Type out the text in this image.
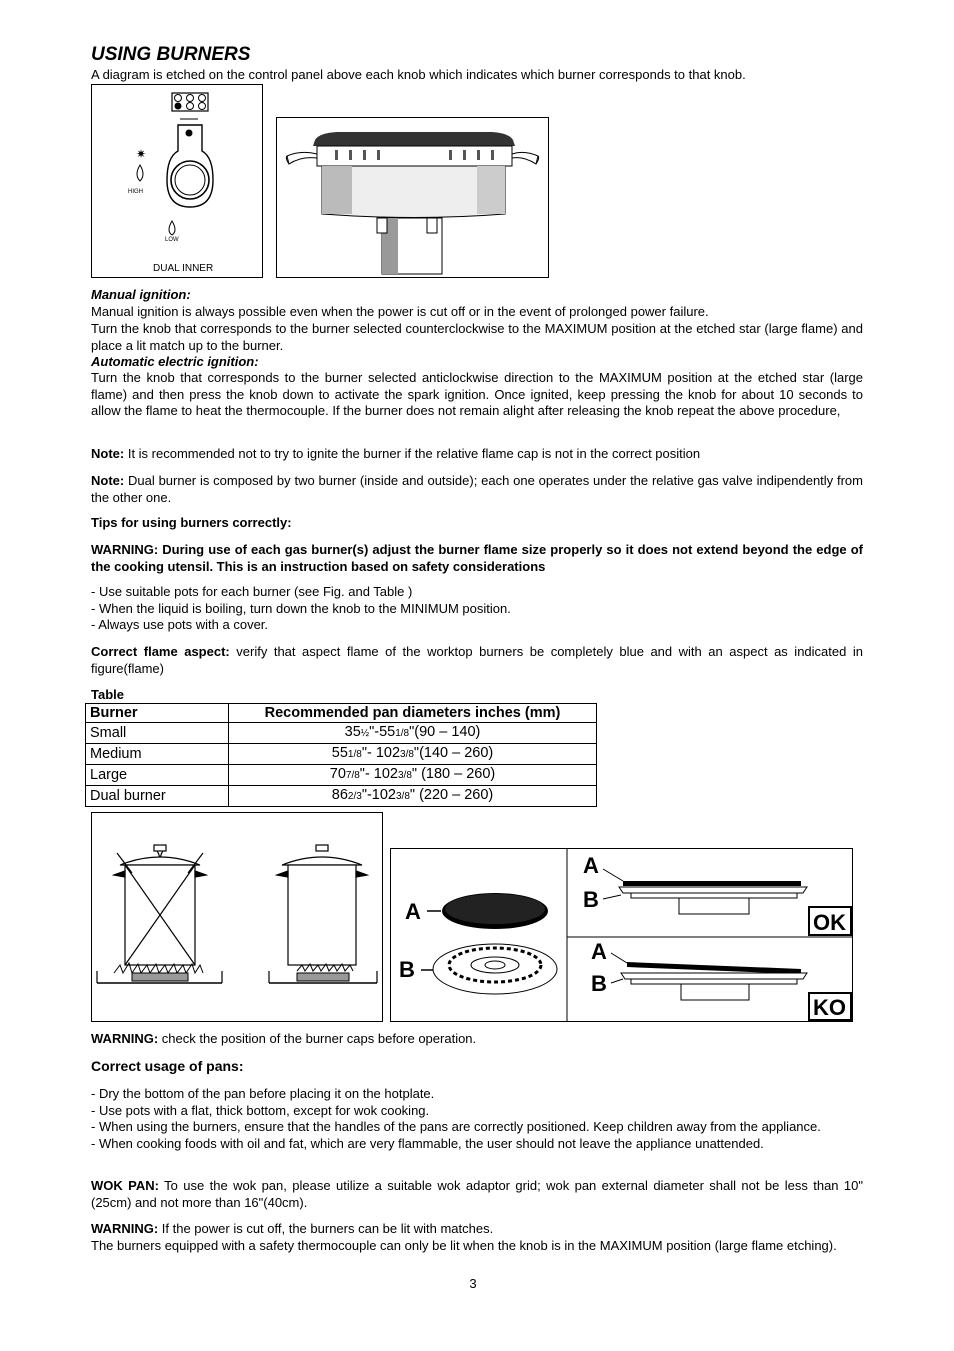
USING BURNERS
A diagram is etched on the control panel above each knob which indicates which burner corresponds to that knob.
✷
HIGH
LOW
DUAL INNER
Manual ignition:
Manual ignition is always possible even when the power is cut off or in the event of prolonged power failure.
Turn the knob that corresponds to the burner selected counterclockwise to the MAXIMUM position at the etched star (large flame) and place a lit match up to the burner.
Automatic electric ignition:
Turn the knob that corresponds to the burner selected anticlockwise direction to the MAXIMUM position at the etched star (large flame) and then press the knob down to activate the spark ignition. Once ignited, keep pressing the knob for about 10 seconds to allow the flame to heat the thermocouple. If the burner does not remain alight after releasing the knob repeat the above procedure,
Note: It is recommended not to try to ignite the burner if the relative flame cap is not in the correct position
Note: Dual burner is composed by two burner (inside and outside); each one operates under the relative gas valve indipendently from the other one.
Tips for using burners correctly:
WARNING: During use of each gas burner(s) adjust the burner flame size properly so it does not extend beyond the edge of the cooking utensil. This is an instruction based on safety considerations
- Use suitable pots for each burner (see Fig. and Table )
- When the liquid is boiling, turn down the knob to the MINIMUM position.
- Always use pots with a cover.
Correct flame aspect: verify that aspect flame of the worktop burners be completely blue and with an aspect as indicated in figure(flame)
Table
Burner	Recommended pan diameters inches (mm)
Small	35½"-551/8"(90 – 140)
Medium	551/8"- 1023/8"(140 – 260)
Large	707/8"- 1023/8" (180 – 260)
Dual burner	862/3"-1023/8" (220 – 260)
A
B
A
B
OK
A
B
KO
WARNING: check the position of the burner caps before operation.
Correct usage of pans:
- Dry the bottom of the pan before placing it on the hotplate.
- Use pots with a flat, thick bottom, except for wok cooking.
- When using the burners, ensure that the handles of the pans are correctly positioned. Keep children away from the appliance.
- When cooking foods with oil and fat, which are very flammable, the user should not leave the appliance unattended.
WOK PAN: To use the wok pan, please utilize a suitable wok adaptor grid; wok pan external diameter shall not be less than 10" (25cm) and not more than 16"(40cm).
WARNING: If the power is cut off, the burners can be lit with matches.
The burners equipped with a safety thermocouple can only be lit when the knob is in the MAXIMUM position (large flame etching).
3
